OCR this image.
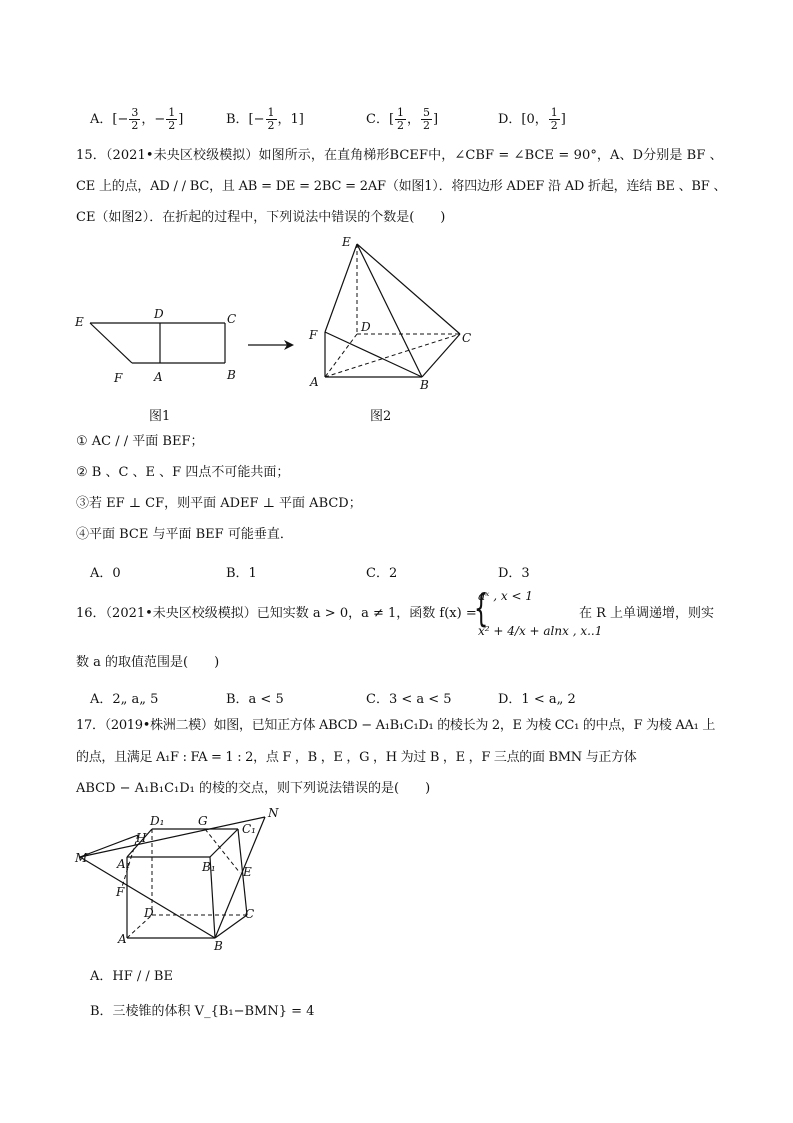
A．[− $\frac{3}{2}$ ，− $\frac{1}{2}$ ]	B．[− $\frac{1}{2}$ ，1]	C．[ $\frac{1}{2}$ ， $\frac{5}{2}$ ]	D．[0， $\frac{1}{2}$ ]
15．（2021•未央区校级模拟）如图所示，在直角梯形BCEF中，∠CBF = ∠BCE = 90°，A、D分别是 BF 、
CE 上的点，AD / / BC，且 AB = DE = 2BC = 2AF（如图1）．将四边形 ADEF 沿 AD 折起，连结 BE 、BF 、
CE（如图2）．在折起的过程中，下列说法中错误的个数是(　　)
E
D	C
F	A	B
图1
E
D
C
F
A	B
图2
① AC / / 平面 BEF；
② B 、C 、E 、F 四点不可能共面；
③若 EF ⊥ CF，则平面 ADEF ⊥ 平面 ABCD；
④平面 BCE 与平面 BEF 可能垂直．
A．0	B．1	C．2	D．3
16．（2021•未央区校级模拟）已知实数 a > 0，a ≠ 1，函数 f(x) =
{
aˣ , x < 1
x² + 4/x + alnx , x..1
在 R 上单调递增，则实
数 a 的取值范围是(　　)
A．2„ a„ 5	B．a < 5	C．3 < a < 5	D．1 < a„ 2
17．（2019•株洲二模）如图，已知正方体 ABCD − A₁B₁C₁D₁ 的棱长为 2，E 为棱 CC₁ 的中点，F 为棱 AA₁ 上
的点，且满足 A₁F : FA = 1 : 2，点 F ，B ，E ，G ，H 为过 B ，E ，F 三点的面 BMN 与正方体
ABCD − A₁B₁C₁D₁ 的棱的交点，则下列说法错误的是(　　)
D₁	G
C₁
N
H
M A₁	B₁ E
F
D	C
A	B
A．HF / / BE
B．三棱锥的体积 V_{B₁−BMN} = 4
